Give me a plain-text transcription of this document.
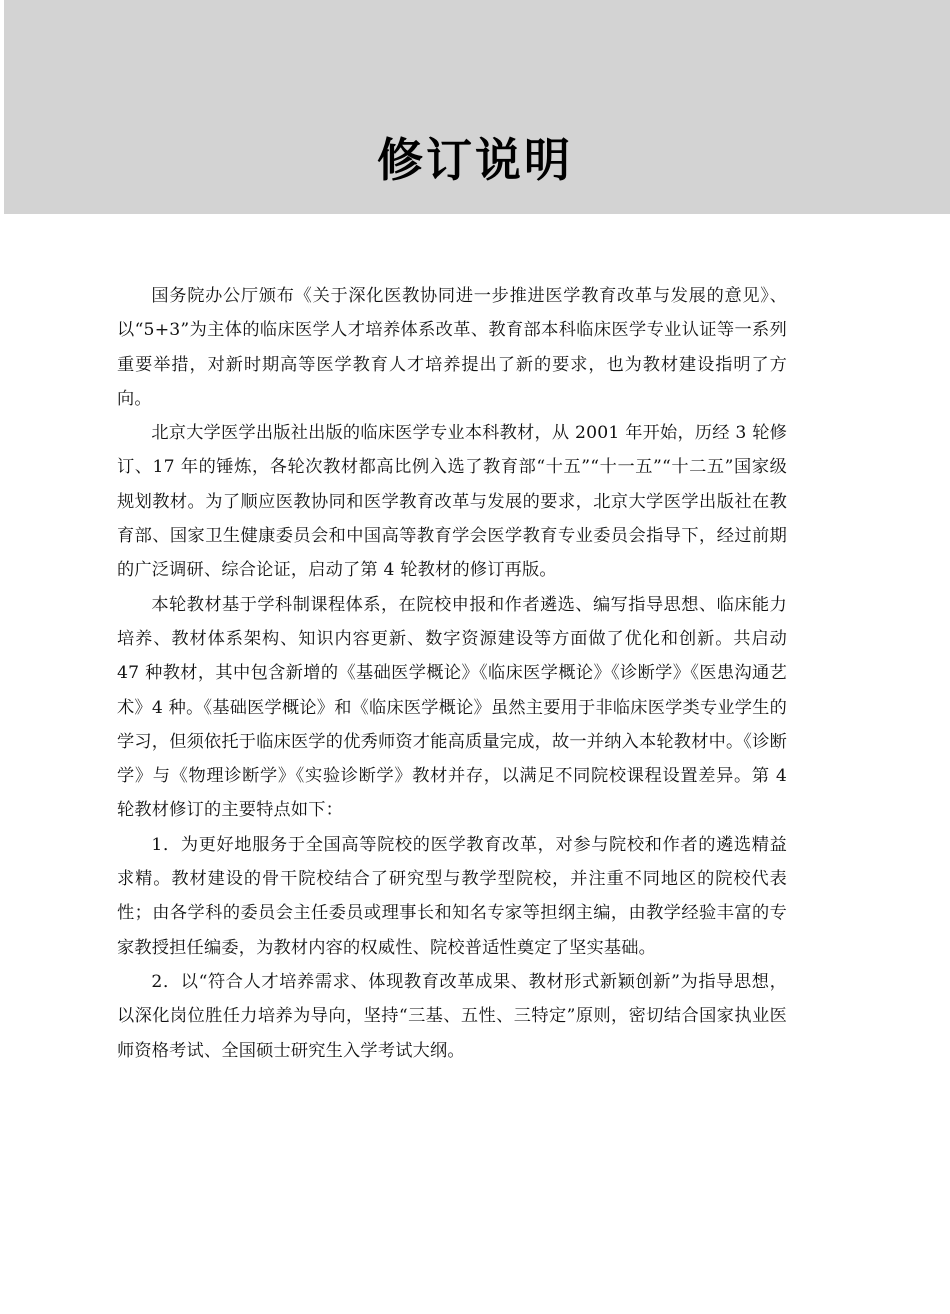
修订说明

国务院办公厅颁布《关于深化医教协同进一步推进医学教育改革与发展的意见》、以“5+3”为主体的临床医学人才培养体系改革、教育部本科临床医学专业认证等一系列重要举措，对新时期高等医学教育人才培养提出了新的要求，也为教材建设指明了方向。

北京大学医学出版社出版的临床医学专业本科教材，从 2001 年开始，历经 3 轮修订、17 年的锤炼，各轮次教材都高比例入选了教育部“十五”“十一五”“十二五”国家级规划教材。为了顺应医教协同和医学教育改革与发展的要求，北京大学医学出版社在教育部、国家卫生健康委员会和中国高等教育学会医学教育专业委员会指导下，经过前期的广泛调研、综合论证，启动了第 4 轮教材的修订再版。

本轮教材基于学科制课程体系，在院校申报和作者遴选、编写指导思想、临床能力培养、教材体系架构、知识内容更新、数字资源建设等方面做了优化和创新。共启动 47 种教材，其中包含新增的《基础医学概论》《临床医学概论》《诊断学》《医患沟通艺术》4 种。《基础医学概论》和《临床医学概论》虽然主要用于非临床医学类专业学生的学习，但须依托于临床医学的优秀师资才能高质量完成，故一并纳入本轮教材中。《诊断学》与《物理诊断学》《实验诊断学》教材并存，以满足不同院校课程设置差异。第 4 轮教材修订的主要特点如下：

1．为更好地服务于全国高等院校的医学教育改革，对参与院校和作者的遴选精益求精。教材建设的骨干院校结合了研究型与教学型院校，并注重不同地区的院校代表性；由各学科的委员会主任委员或理事长和知名专家等担纲主编，由教学经验丰富的专家教授担任编委，为教材内容的权威性、院校普适性奠定了坚实基础。

2．以“符合人才培养需求、体现教育改革成果、教材形式新颖创新”为指导思想，以深化岗位胜任力培养为导向，坚持“三基、五性、三特定”原则，密切结合国家执业医师资格考试、全国硕士研究生入学考试大纲。
